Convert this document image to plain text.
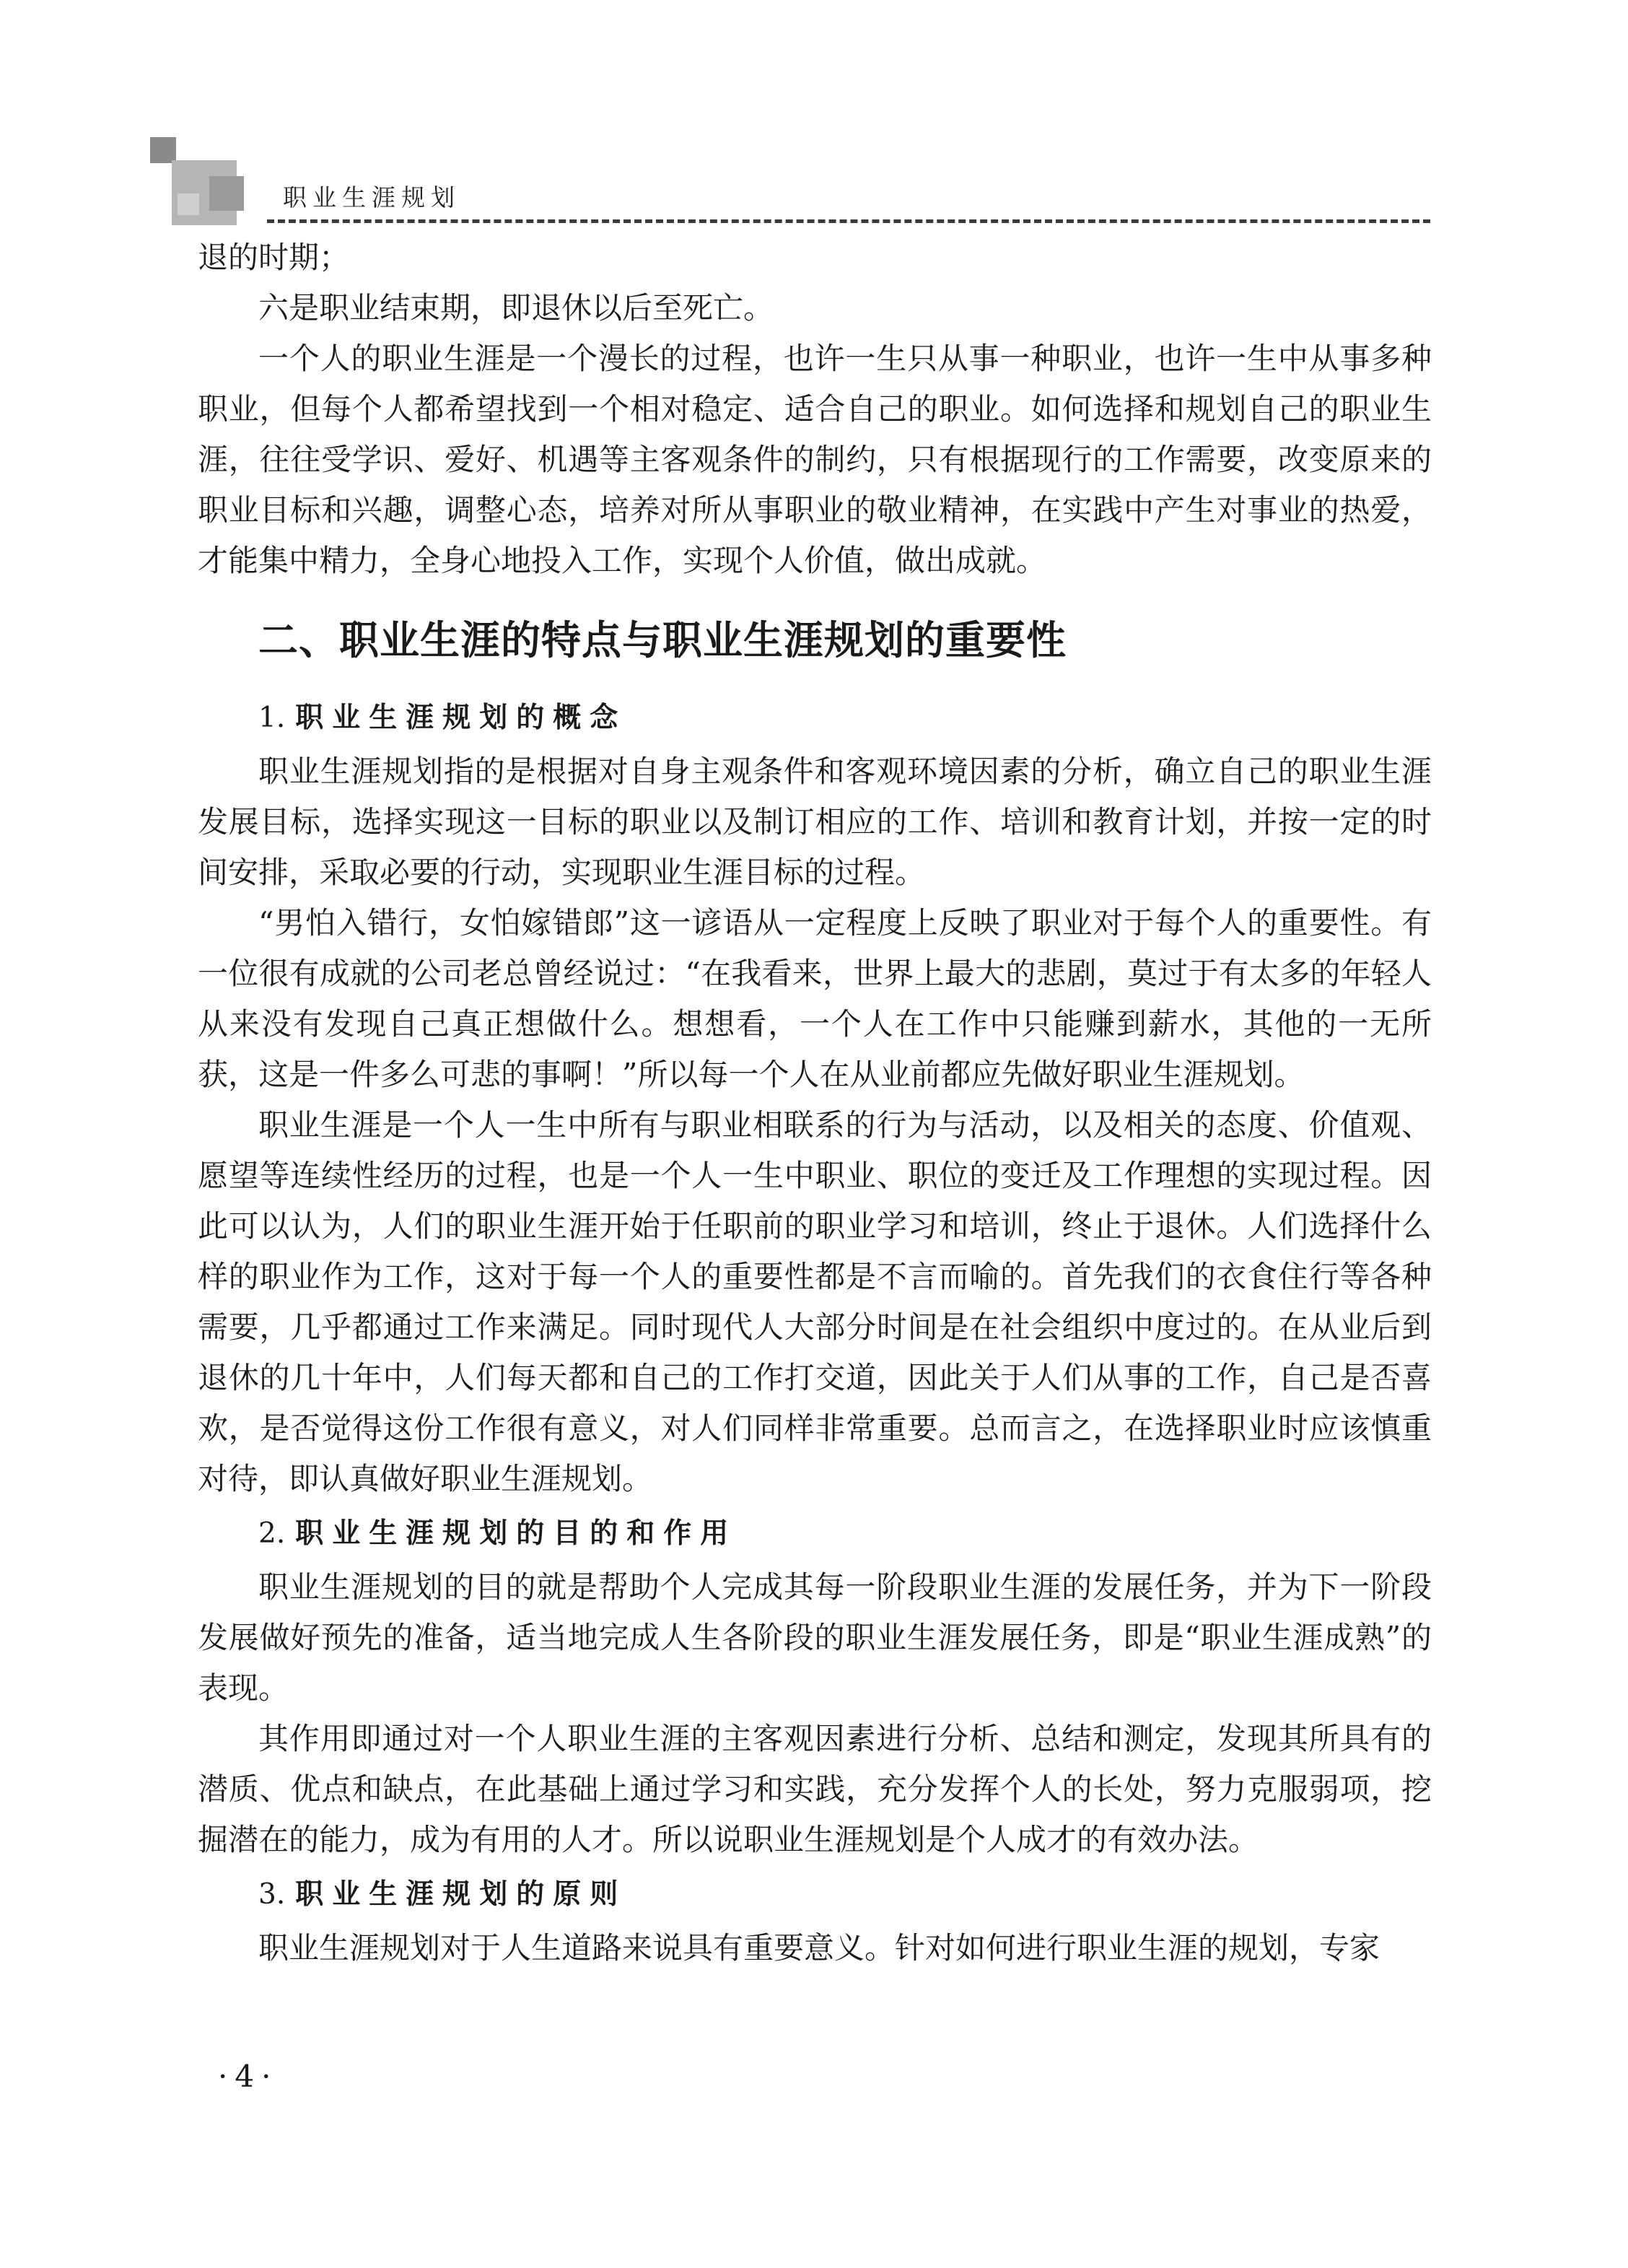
职业生涯规划

退的时期；

六是职业结束期，即退休以后至死亡。

一个人的职业生涯是一个漫长的过程，也许一生只从事一种职业，也许一生中从事多种职业，但每个人都希望找到一个相对稳定、适合自己的职业。如何选择和规划自己的职业生涯，往往受学识、爱好、机遇等主客观条件的制约，只有根据现行的工作需要，改变原来的职业目标和兴趣，调整心态，培养对所从事职业的敬业精神，在实践中产生对事业的热爱，才能集中精力，全身心地投入工作，实现个人价值，做出成就。

二、职业生涯的特点与职业生涯规划的重要性
1. 职业生涯规划的概念

职业生涯规划指的是根据对自身主观条件和客观环境因素的分析，确立自己的职业生涯发展目标，选择实现这一目标的职业以及制订相应的工作、培训和教育计划，并按一定的时间安排，采取必要的行动，实现职业生涯目标的过程。

“男怕入错行，女怕嫁错郎”这一谚语从一定程度上反映了职业对于每个人的重要性。有一位很有成就的公司老总曾经说过：“在我看来，世界上最大的悲剧，莫过于有太多的年轻人从来没有发现自己真正想做什么。想想看，一个人在工作中只能赚到薪水，其他的一无所获，这是一件多么可悲的事啊！”所以每一个人在从业前都应先做好职业生涯规划。

职业生涯是一个人一生中所有与职业相联系的行为与活动，以及相关的态度、价值观、愿望等连续性经历的过程，也是一个人一生中职业、职位的变迁及工作理想的实现过程。因此可以认为，人们的职业生涯开始于任职前的职业学习和培训，终止于退休。人们选择什么样的职业作为工作，这对于每一个人的重要性都是不言而喻的。首先我们的衣食住行等各种需要，几乎都通过工作来满足。同时现代人大部分时间是在社会组织中度过的。在从业后到退休的几十年中，人们每天都和自己的工作打交道，因此关于人们从事的工作，自己是否喜欢，是否觉得这份工作很有意义，对人们同样非常重要。总而言之，在选择职业时应该慎重对待，即认真做好职业生涯规划。

2. 职业生涯规划的目的和作用

职业生涯规划的目的就是帮助个人完成其每一阶段职业生涯的发展任务，并为下一阶段发展做好预先的准备，适当地完成人生各阶段的职业生涯发展任务，即是“职业生涯成熟”的表现。

其作用即通过对一个人职业生涯的主客观因素进行分析、总结和测定，发现其所具有的潜质、优点和缺点，在此基础上通过学习和实践，充分发挥个人的长处，努力克服弱项，挖掘潜在的能力，成为有用的人才。所以说职业生涯规划是个人成才的有效办法。

3. 职业生涯规划的原则

职业生涯规划对于人生道路来说具有重要意义。针对如何进行职业生涯的规划，专家

·4·
